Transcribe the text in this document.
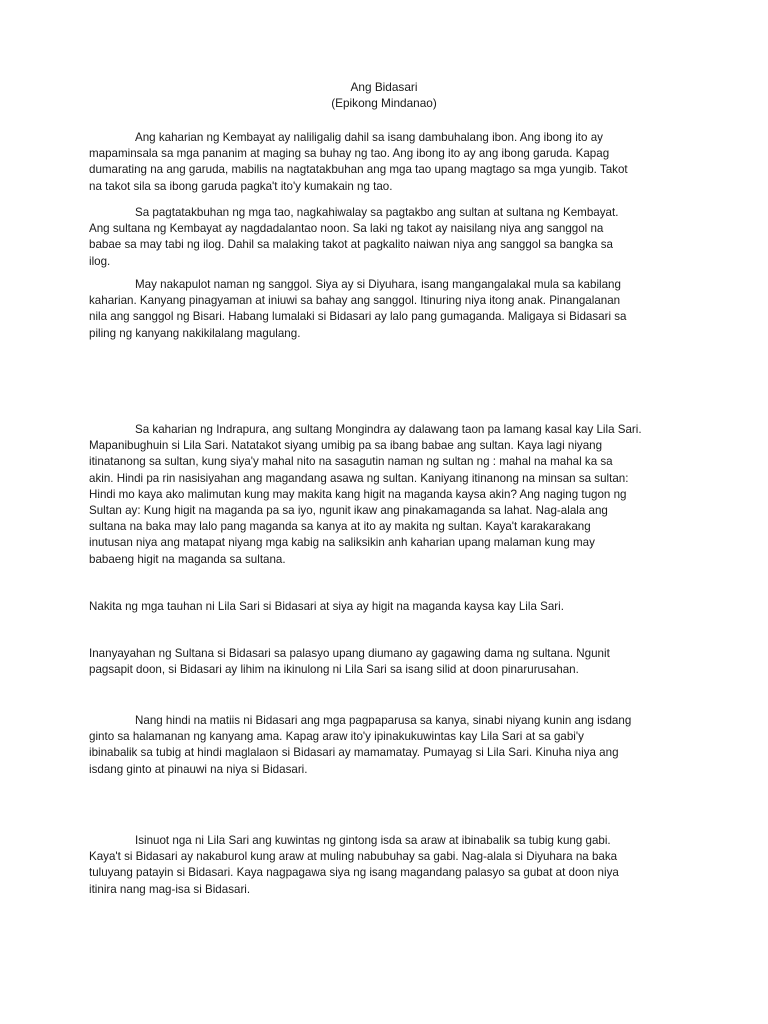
Ang Bidasari
(Epikong Mindanao)
Ang kaharian ng Kembayat ay naliligalig dahil sa isang dambuhalang ibon. Ang ibong ito ay
mapaminsala sa mga pananim at maging sa buhay ng tao. Ang ibong ito ay ang ibong garuda. Kapag
dumarating na ang garuda, mabilis na nagtatakbuhan ang mga tao upang magtago sa mga yungib. Takot
na takot sila sa ibong garuda pagka't ito'y kumakain ng tao.
Sa pagtatakbuhan ng mga tao, nagkahiwalay sa pagtakbo ang sultan at sultana ng Kembayat.
Ang sultana ng Kembayat ay nagdadalantao noon. Sa laki ng takot ay naisilang niya ang sanggol na
babae sa may tabi ng ilog. Dahil sa malaking takot at pagkalito naiwan niya ang sanggol sa bangka sa
ilog.
May nakapulot naman ng sanggol. Siya ay si Diyuhara, isang mangangalakal mula sa kabilang
kaharian. Kanyang pinagyaman at iniuwi sa bahay ang sanggol. Itinuring niya itong anak. Pinangalanan
nila ang sanggol ng Bisari. Habang lumalaki si Bidasari ay lalo pang gumaganda. Maligaya si Bidasari sa
piling ng kanyang nakikilalang magulang.
Sa kaharian ng Indrapura, ang sultang Mongindra ay dalawang taon pa lamang kasal kay Lila Sari.
Mapanibughuin si Lila Sari. Natatakot siyang umibig pa sa ibang babae ang sultan. Kaya lagi niyang
itinatanong sa sultan, kung siya'y mahal nito na sasagutin naman ng sultan ng : mahal na mahal ka sa
akin. Hindi pa rin nasisiyahan ang magandang asawa ng sultan. Kaniyang itinanong na minsan sa sultan:
Hindi mo kaya ako malimutan kung may makita kang higit na maganda kaysa akin? Ang naging tugon ng
Sultan ay: Kung higit na maganda pa sa iyo, ngunit ikaw ang pinakamaganda sa lahat. Nag-alala ang
sultana na baka may lalo pang maganda sa kanya at ito ay makita ng sultan. Kaya't karakarakang
inutusan niya ang matapat niyang mga kabig na saliksikin anh kaharian upang malaman kung may
babaeng higit na maganda sa sultana.
Nakita ng mga tauhan ni Lila Sari si Bidasari at siya ay higit na maganda kaysa kay Lila Sari.
Inanyayahan ng Sultana si Bidasari sa palasyo upang diumano ay gagawing dama ng sultana. Ngunit
pagsapit doon, si Bidasari ay lihim na ikinulong ni Lila Sari sa isang silid at doon pinarurusahan.
Nang hindi na matiis ni Bidasari ang mga pagpaparusa sa kanya, sinabi niyang kunin ang isdang
ginto sa halamanan ng kanyang ama. Kapag araw ito'y ipinakukuwintas kay Lila Sari at sa gabi'y
ibinabalik sa tubig at hindi maglalaon si Bidasari ay mamamatay. Pumayag si Lila Sari. Kinuha niya ang
isdang ginto at pinauwi na niya si Bidasari.
Isinuot nga ni Lila Sari ang kuwintas ng gintong isda sa araw at ibinabalik sa tubig kung gabi.
Kaya't si Bidasari ay nakaburol kung araw at muling nabubuhay sa gabi. Nag-alala si Diyuhara na baka
tuluyang patayin si Bidasari. Kaya nagpagawa siya ng isang magandang palasyo sa gubat at doon niya
itinira nang mag-isa si Bidasari.
